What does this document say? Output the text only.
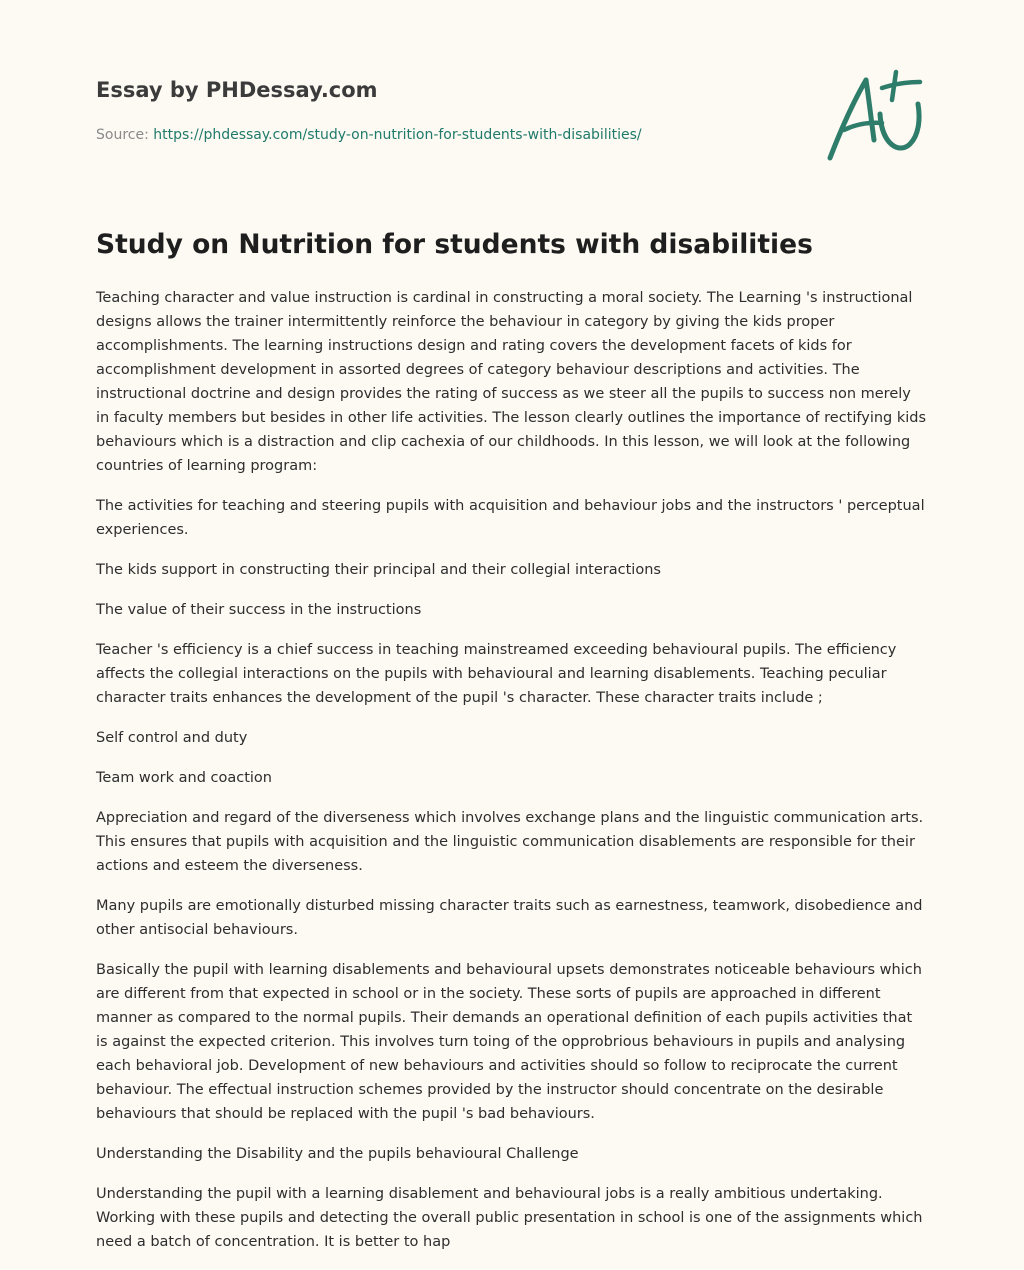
Essay by PHDessay.com
Source: https://phdessay.com/study-on-nutrition-for-students-with-disabilities/
Study on Nutrition for students with disabilities

Teaching character and value instruction is cardinal in constructing a moral society. The Learning 's instructional designs allows the trainer intermittently reinforce the behaviour in category by giving the kids proper accomplishments. The learning instructions design and rating covers the development facets of kids for accomplishment development in assorted degrees of category behaviour descriptions and activities. The instructional doctrine and design provides the rating of success as we steer all the pupils to success non merely in faculty members but besides in other life activities. The lesson clearly outlines the importance of rectifying kids behaviours which is a distraction and clip cachexia of our childhoods. In this lesson, we will look at the following countries of learning program:

The activities for teaching and steering pupils with acquisition and behaviour jobs and the instructors ' perceptual experiences.

The kids support in constructing their principal and their collegial interactions

The value of their success in the instructions

Teacher 's efficiency is a chief success in teaching mainstreamed exceeding behavioural pupils. The efficiency affects the collegial interactions on the pupils with behavioural and learning disablements. Teaching peculiar character traits enhances the development of the pupil 's character. These character traits include ;

Self control and duty

Team work and coaction

Appreciation and regard of the diverseness which involves exchange plans and the linguistic communication arts. This ensures that pupils with acquisition and the linguistic communication disablements are responsible for their actions and esteem the diverseness.

Many pupils are emotionally disturbed missing character traits such as earnestness, teamwork, disobedience and other antisocial behaviours.

Basically the pupil with learning disablements and behavioural upsets demonstrates noticeable behaviours which are different from that expected in school or in the society. These sorts of pupils are approached in different manner as compared to the normal pupils. Their demands an operational definition of each pupils activities that is against the expected criterion. This involves turn toing of the opprobrious behaviours in pupils and analysing each behavioral job. Development of new behaviours and activities should so follow to reciprocate the current behaviour. The effectual instruction schemes provided by the instructor should concentrate on the desirable behaviours that should be replaced with the pupil 's bad behaviours.

Understanding the Disability and the pupils behavioural Challenge

Understanding the pupil with a learning disablement and behavioural jobs is a really ambitious undertaking. Working with these pupils and detecting the overall public presentation in school is one of the assignments which need a batch of concentration. It is better to hap
